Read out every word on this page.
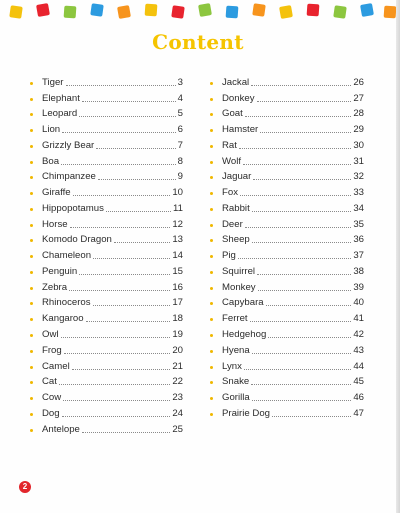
Content
Tiger	3
Elephant	4
Leopard	5
Lion	6
Grizzly Bear	7
Boa	8
Chimpanzee	9
Giraffe	10
Hippopotamus	11
Horse	12
Komodo Dragon	13
Chameleon	14
Penguin	15
Zebra	16
Rhinoceros	17
Kangaroo	18
Owl	19
Frog	20
Camel	21
Cat	22
Cow	23
Dog	24
Antelope	25
Jackal	26
Donkey	27
Goat	28
Hamster	29
Rat	30
Wolf	31
Jaguar	32
Fox	33
Rabbit	34
Deer	35
Sheep	36
Pig	37
Squirrel	38
Monkey	39
Capybara	40
Ferret	41
Hedgehog	42
Hyena	43
Lynx	44
Snake	45
Gorilla	46
Prairie Dog	47
2
